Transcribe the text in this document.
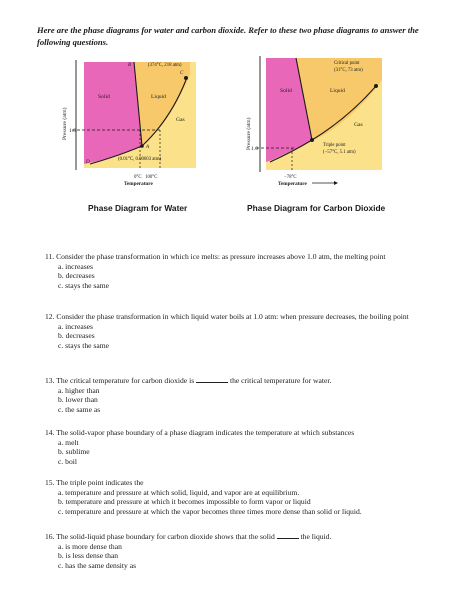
Here are the phase diagrams for water and carbon dioxide. Refer to these two phase diagrams to answer the following questions.
Pressure (atm) 1.0
Solid	Liquid
Gas
(374°C, 218 atm)
B
C
A
D
(0.01°C, 0.00603 atm)
0°C   100°C
Temperature
Pressure (atm) 1.0
Solid	Liquid
Gas
Critical point
(31°C, 73 atm)
Triple point
(−57°C, 5.1 atm)
−78°C
Temperature
Phase Diagram for Water	Phase Diagram for Carbon Dioxide
11. Consider the phase transformation in which ice melts: as pressure increases above 1.0 atm, the melting point
a. increases
b. decreases
c. stays the same
12. Consider the phase transformation in which liquid water boils at 1.0 atm: when pressure decreases, the boiling point
a. increases
b. decreases
c. stays the same
13. The critical temperature for carbon dioxide is	the critical temperature for water.
a. higher than
b. lower than
c. the same as
14. The solid-vapor phase boundary of a phase diagram indicates the temperature at which substances
a. melt
b. sublime
c. boil
15. The triple point indicates the
a. temperature and pressure at which solid, liquid, and vapor are at equilibrium.
b. temperature and pressure at which it becomes impossible to form vapor or liquid
c. temperature and pressure at which the vapor becomes three times more dense than solid or liquid.
16. The solid-liquid phase boundary for carbon dioxide shows that the solid	the liquid.
a. is more dense than
b. is less dense than
c. has the same density as
